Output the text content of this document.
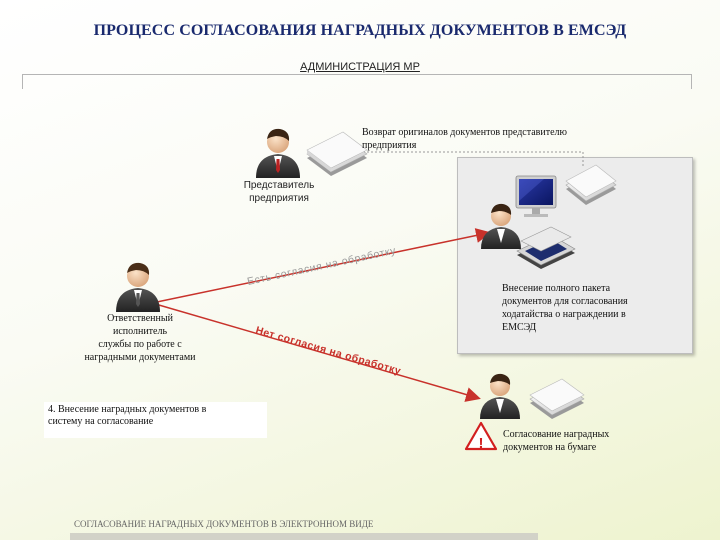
ПРОЦЕСС СОГЛАСОВАНИЯ НАГРАДНЫХ ДОКУМЕНТОВ В ЕМСЭД
АДМИНИСТРАЦИЯ МР
Есть согласия на обработку
Нет согласия на обработку
!
Возврат оригиналов документов представителю
предприятия
Представитель
предприятия
Ответственный
исполнитель
службы по работе с
наградными документами
Внесение полного пакета
документов для согласования
ходатайства о награждении в
ЕМСЭД
4. Внесение наградных документов в
систему на согласование
Согласование наградных
документов на бумаге
СОГЛАСОВАНИЕ НАГРАДНЫХ ДОКУМЕНТОВ В ЭЛЕКТРОННОМ ВИДЕ
